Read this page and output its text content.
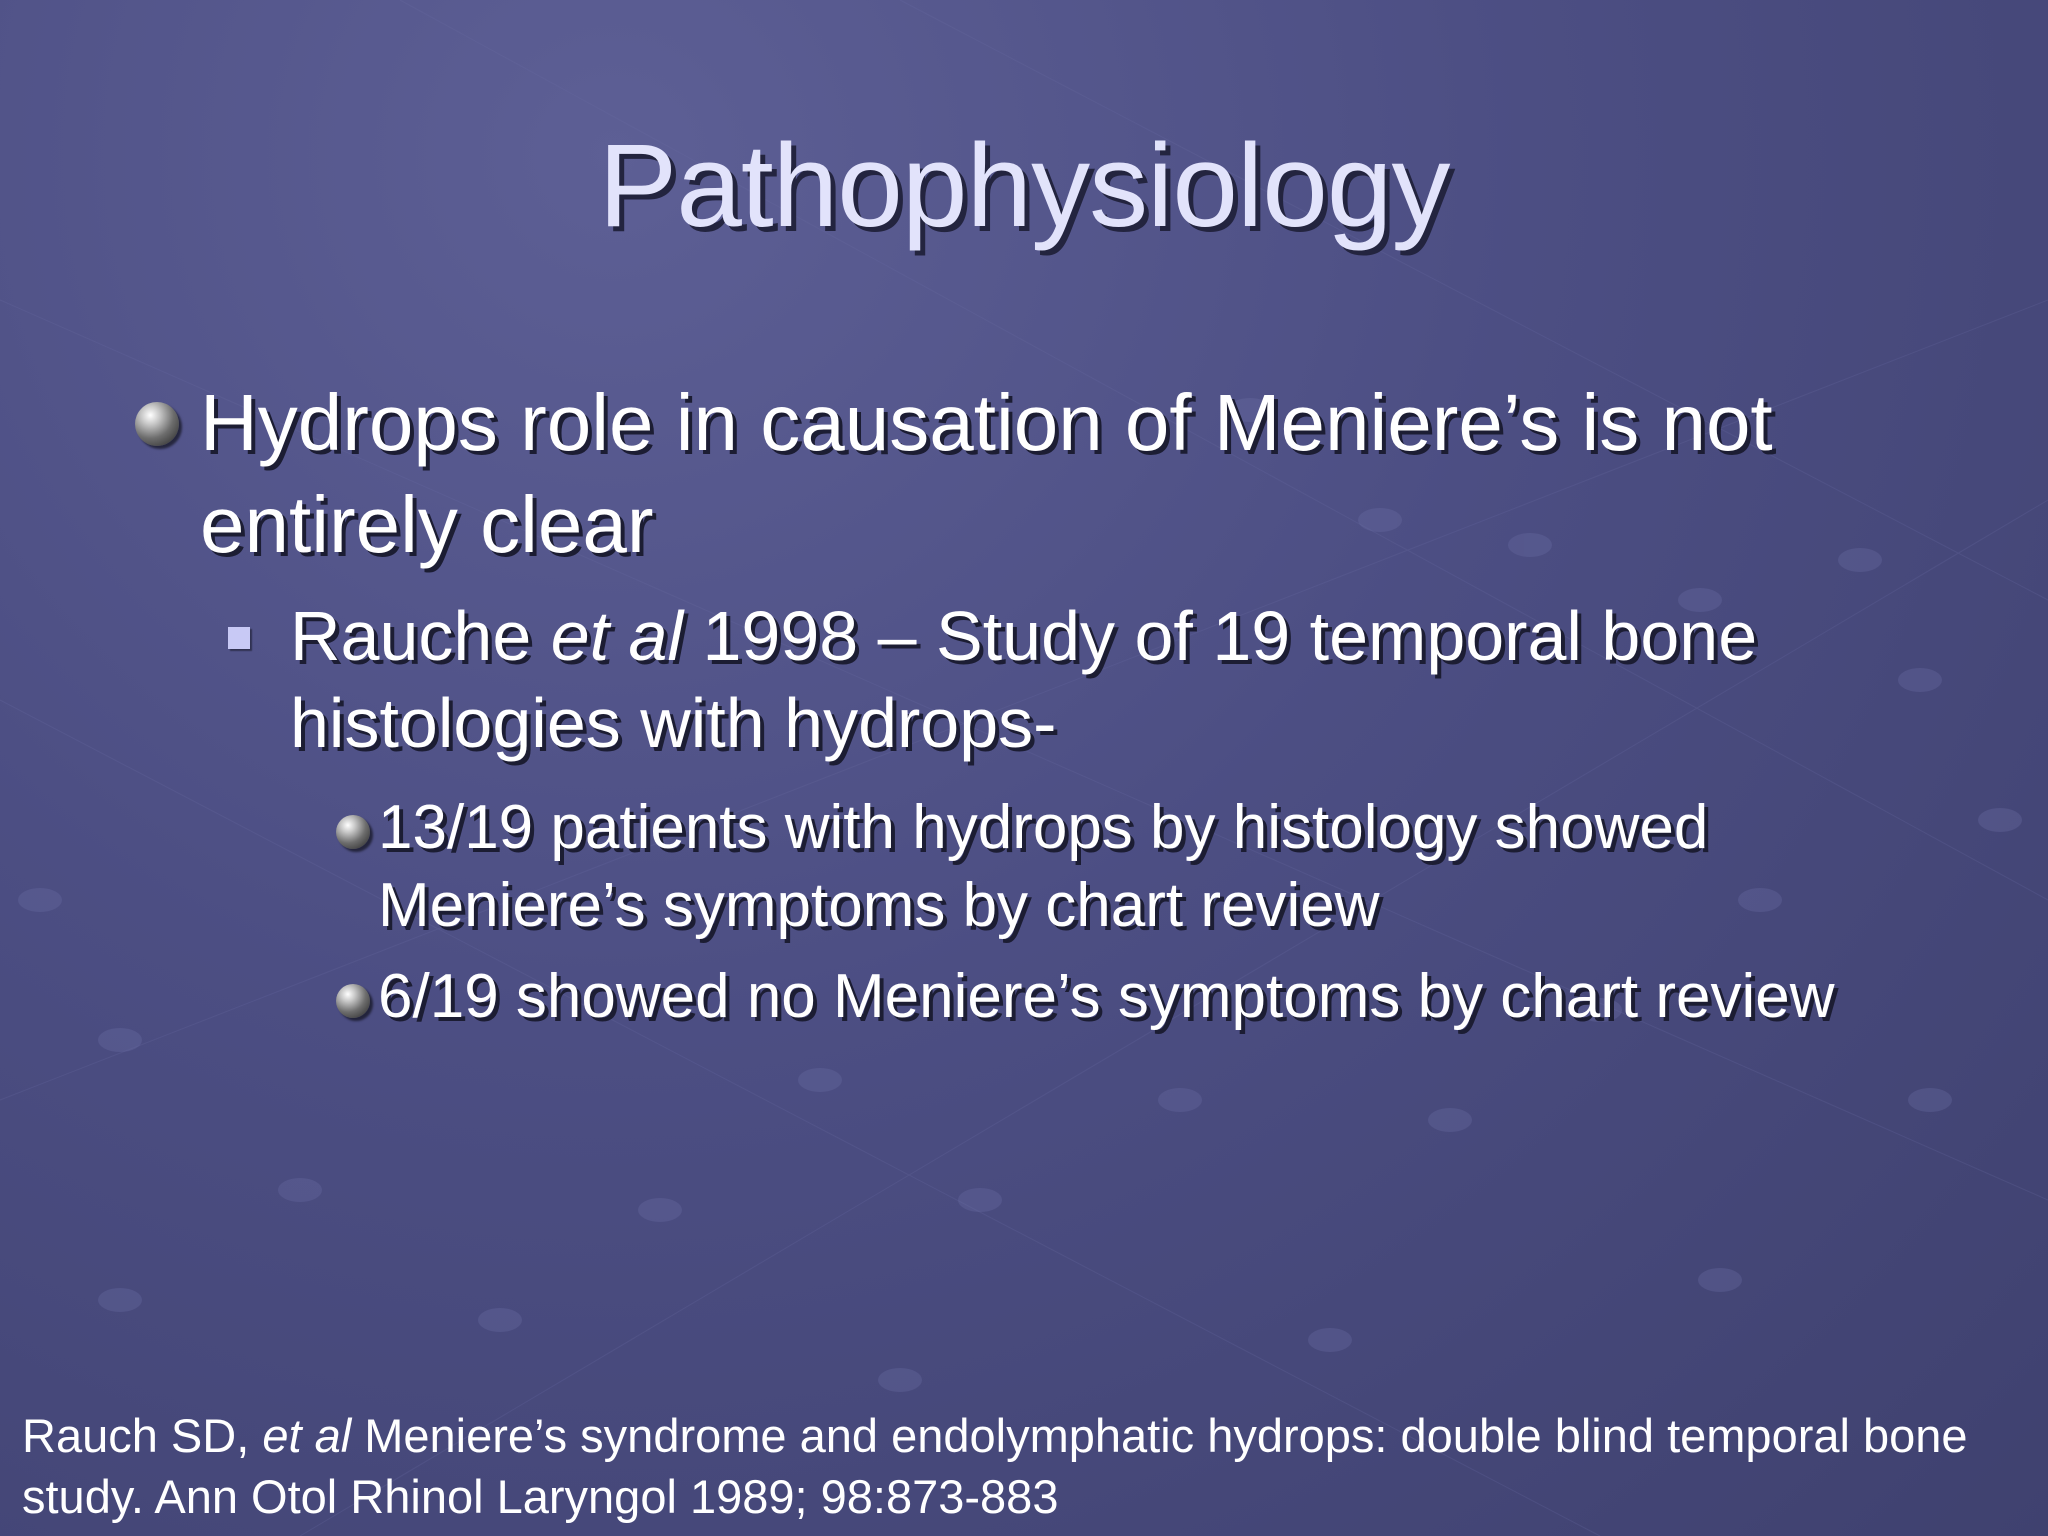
Pathophysiology
Hydrops role in causation of Meniere’s is not entirely clear
Rauche et al 1998 – Study of 19 temporal bone histologies with hydrops-
13/19 patients with hydrops by histology showed Meniere’s symptoms by chart review
6/19 showed no Meniere’s symptoms by chart review
Rauch SD, et al Meniere’s syndrome and endolymphatic hydrops: double blind temporal bone study. Ann Otol Rhinol Laryngol 1989; 98:873-883
